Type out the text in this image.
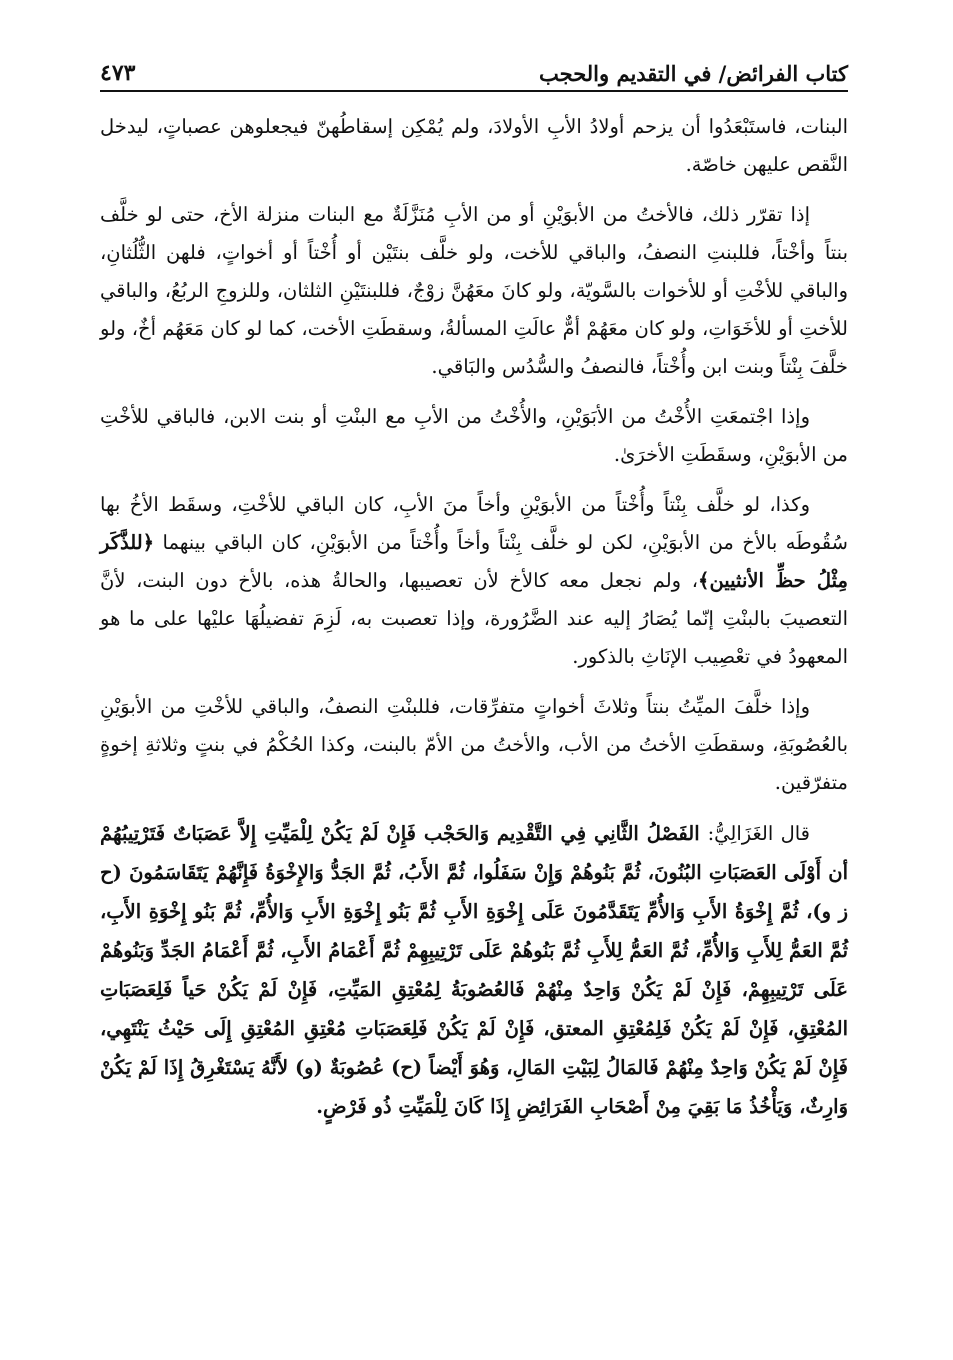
كتاب الفرائض/ في التقديم والحجب
٤٧٣

البنات، فاستَبْعَدُوا أن يزحم أولادُ الأبِ الأولادَ، ولم يُمْكِن إسقاطُهنّ فيجعلوهن عصباتٍ، ليدخل النَّقص عليهن خاصّة.

إذا تقرّر ذلك، فالأختُ من الأبوَيْنِ أو من الأبِ مُنَزَّلَةٌ مع البنات منزلة الأخ، حتى لو خلَّف بنتاً وأخْتاً، فللبنتِ النصفُ، والباقي للأخت، ولو خلَّف بنتَيْن أو أُخْتاً أو أخواتٍ، فلهن الثُّلُثانِ، والباقي للأخْتِ أو للأخوات بالسَّويّة، ولو كانَ معَهُنَّ زوْجٌ، فللبنتَيْنِ الثلثان، وللزوجِ الربُعُ، والباقي للأختِ أو للأخَوَاتِ، ولو كان معَهُمْ أمٌّ عالَتِ المسألةُ، وسقطَتِ الأخت، كما لو كان مَعَهُم أخٌ، ولو خلَّفَ بِنْتاً وبنت ابن وأُخْتاً، فالنصفُ والسُّدُس والبَاقي.

وإذا اجْتمعَتِ الأُخْتُ من الأبَوَيْنِ، والأُخْتُ من الأبِ مع البنْتِ أو بنت الابن، فالباقي للأخْتِ من الأبوَيْنِ، وسقَطَتِ الأخرَىٰ.

وكذا، لو خلَّف بِنْتاً وأُخْتاً من الأبوَيْنِ وأخاً منَ الأبِ، كان الباقي للأخْتِ، وسقَط الأخُ بها سُقُوطَه بالأخ من الأبوَيْنِ، لكن لو خلَّف بِنْتاً وأخاً وأُخْتاً من الأبوَيْنِ، كان الباقي بينهما ﴿للذَّكَر مِثْلُ حظِّ الأنثيين﴾، ولم نجعل معه كالأخ لأن تعصيبها، والحالةُ هذه، بالأخ دون البنت، لأنَّ التعصيبَ بالبنْتِ إنّما يُصَارُ إليه عند الضَّرُورة، وإذا تعصبت به، لَزِمَ تفضيلُهَا عليْها على ما هو المعهودُ في تعْصِيب الإنَاثِ بالذكور.

وإذا خلَّفَ الميِّتُ بنتاً وثلاثَ أخواتٍ متفرِّقات، فللبنْتِ النصفُ، والباقي للأخْتِ من الأبوَيْنِ بالعُصُوبَةِ، وسقطَتِ الأختُ من الأب، والأختُ من الأمّ بالبنت، وكذا الحُكْمُ في بنتٍ وثلاثةِ إخوةٍ متفرّقين.

قال الغَزَالِيُّ: الفَصْلُ الثَّانِي فِي التَّقْدِيم وَالحَجْب فَإِنْ لَمْ يَكُنْ لِلْمَيِّتِ إِلاَّ عَصَبَاتٌ فَتَرْتِيبُهُمْ أن أَوْلَى العَصَبَاتِ البُنُونَ، ثُمَّ بَنُوهُمْ وَإِنْ سَفَلُوا، ثُمَّ الأَبُ، ثُمَّ الجَدُّ وَالإِخْوَةُ فَإِنَّهُمْ يَتَقَاسَمُونَ (ح ز و)، ثُمَّ إِخْوَةُ الأَبِ وَالأُمِّ يَتَقَدَّمُونَ عَلَى إِخْوَةِ الأَبِ ثُمَّ بَنُو إِخْوَةِ الأَبِ وَالأُمِّ، ثُمَّ بَنُو إِخْوَةِ الأَبِ، ثُمَّ العَمُّ لِلأَبِ وَالأُمِّ، ثُمَّ العَمُّ لِلأَبِ ثُمَّ بَنُوهُمْ عَلَى تَرْتِيبِهِمْ ثُمَّ أَعْمَامُ الأَبِ، ثُمَّ أَعْمَامُ الجَدِّ وَبَنُوهُمْ عَلَى تَرْتِيبِهِمْ، فَإِنْ لَمْ يَكُنْ وَاحِدٌ مِنْهُمْ فَالعُصُوبَةُ لِمُعْتِقِ المَيِّتِ، فَإِنْ لَمْ يَكُنْ حَياً فَلِعَصَبَاتِ المُعْتِقِ، فَإِنْ لَمْ يَكُنْ فَلِمُعْتِقِ المعتق، فَإِنْ لَمْ يَكُنْ فَلِعَصَبَاتِ مُعْتِقِ المُعْتِقِ إِلَى حَيْثُ يَنْتَهِي، فَإِنْ لَمْ يَكُنْ وَاحِدٌ مِنْهُمْ فَالمَالُ لِبَيْتِ المَالِ، وَهُوَ أَيْضاً (ح) عُصُوبَةٌ (و) لأَنَّهُ يَسْتَغْرِقُ إِذَا لَمْ يَكُنْ وَارِثٌ، وَيَأْخُذُ مَا بَقِيَ مِنْ أَصْحَابِ الفَرَائِضِ إِذَا كَانَ لِلْمَيِّتِ ذُو فَرْضٍ.
